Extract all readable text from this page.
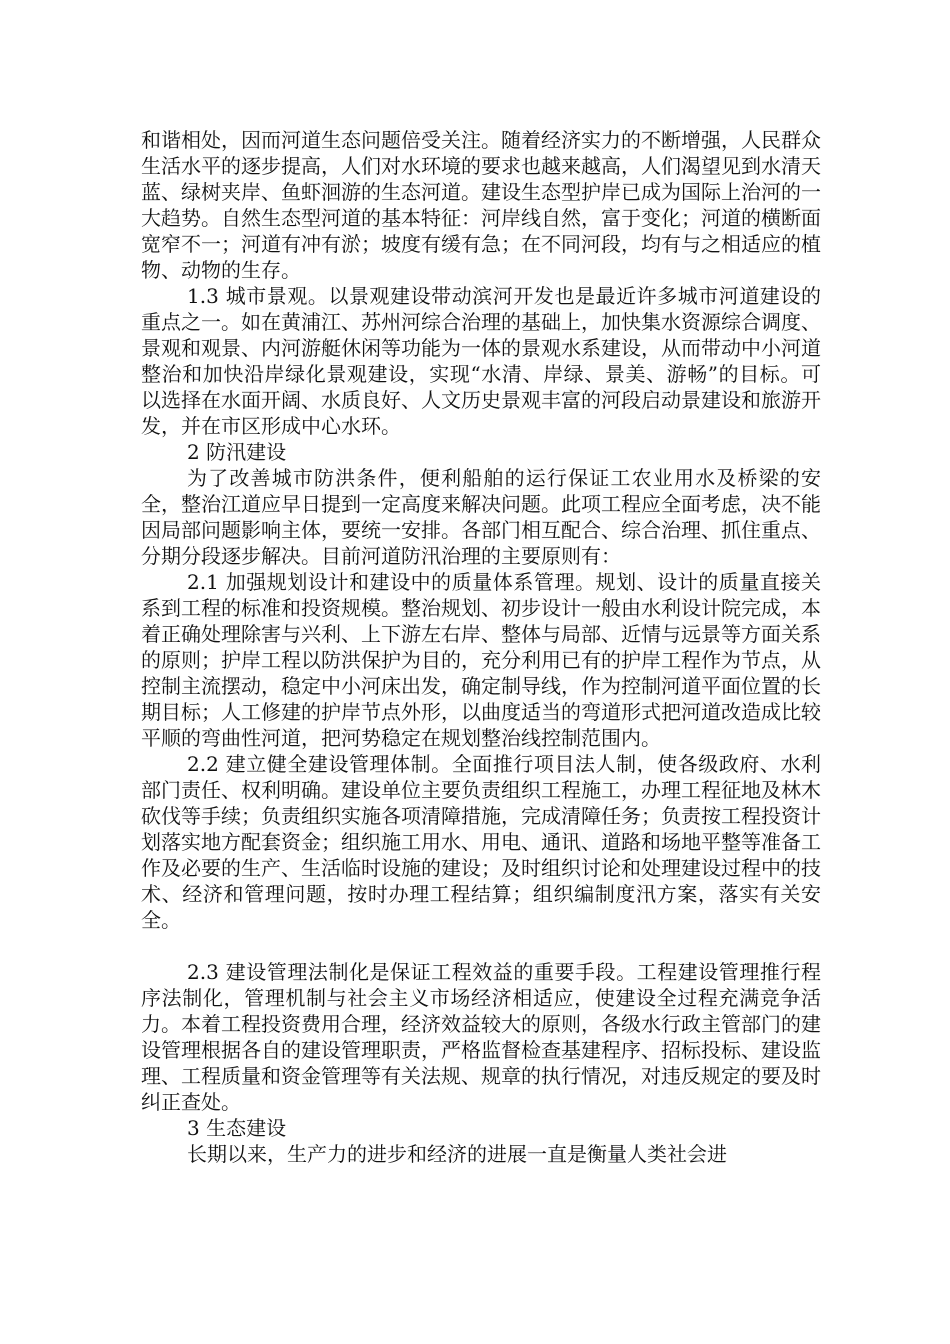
和谐相处，因而河道生态问题倍受关注。随着经济实力的不断增强，人民群众生活水平的逐步提高，人们对水环境的要求也越来越高，人们渴望见到水清天蓝、绿树夹岸、鱼虾洄游的生态河道。建设生态型护岸已成为国际上治河的一大趋势。自然生态型河道的基本特征：河岸线自然，富于变化；河道的横断面宽窄不一；河道有冲有淤；坡度有缓有急；在不同河段，均有与之相适应的植物、动物的生存。

1.3 城市景观。以景观建设带动滨河开发也是最近许多城市河道建设的重点之一。如在黄浦江、苏州河综合治理的基础上，加快集水资源综合调度、景观和观景、内河游艇休闲等功能为一体的景观水系建设，从而带动中小河道整治和加快沿岸绿化景观建设，实现“水清、岸绿、景美、游畅”的目标。可以选择在水面开阔、水质良好、人文历史景观丰富的河段启动景建设和旅游开发，并在市区形成中心水环。

2 防汛建设

为了改善城市防洪条件，便利船舶的运行保证工农业用水及桥梁的安全，整治江道应早日提到一定高度来解决问题。此项工程应全面考虑，决不能因局部问题影响主体，要统一安排。各部门相互配合、综合治理、抓住重点、分期分段逐步解决。目前河道防汛治理的主要原则有：

2.1 加强规划设计和建设中的质量体系管理。规划、设计的质量直接关系到工程的标准和投资规模。整治规划、初步设计一般由水利设计院完成，本着正确处理除害与兴利、上下游左右岸、整体与局部、近情与远景等方面关系的原则；护岸工程以防洪保护为目的，充分利用已有的护岸工程作为节点，从控制主流摆动，稳定中小河床出发，确定制导线，作为控制河道平面位置的长期目标；人工修建的护岸节点外形，以曲度适当的弯道形式把河道改造成比较平顺的弯曲性河道，把河势稳定在规划整治线控制范围内。

2.2 建立健全建设管理体制。全面推行项目法人制，使各级政府、水利部门责任、权利明确。建设单位主要负责组织工程施工，办理工程征地及林木砍伐等手续；负责组织实施各项清障措施，完成清障任务；负责按工程投资计划落实地方配套资金；组织施工用水、用电、通讯、道路和场地平整等准备工作及必要的生产、生活临时设施的建设；及时组织讨论和处理建设过程中的技术、经济和管理问题，按时办理工程结算；组织编制度汛方案，落实有关安全。

2.3 建设管理法制化是保证工程效益的重要手段。工程建设管理推行程序法制化，管理机制与社会主义市场经济相适应，使建设全过程充满竞争活力。本着工程投资费用合理，经济效益较大的原则，各级水行政主管部门的建设管理根据各自的建设管理职责，严格监督检查基建程序、招标投标、建设监理、工程质量和资金管理等有关法规、规章的执行情况，对违反规定的要及时纠正查处。

3 生态建设

长期以来，生产力的进步和经济的进展一直是衡量人类社会进
